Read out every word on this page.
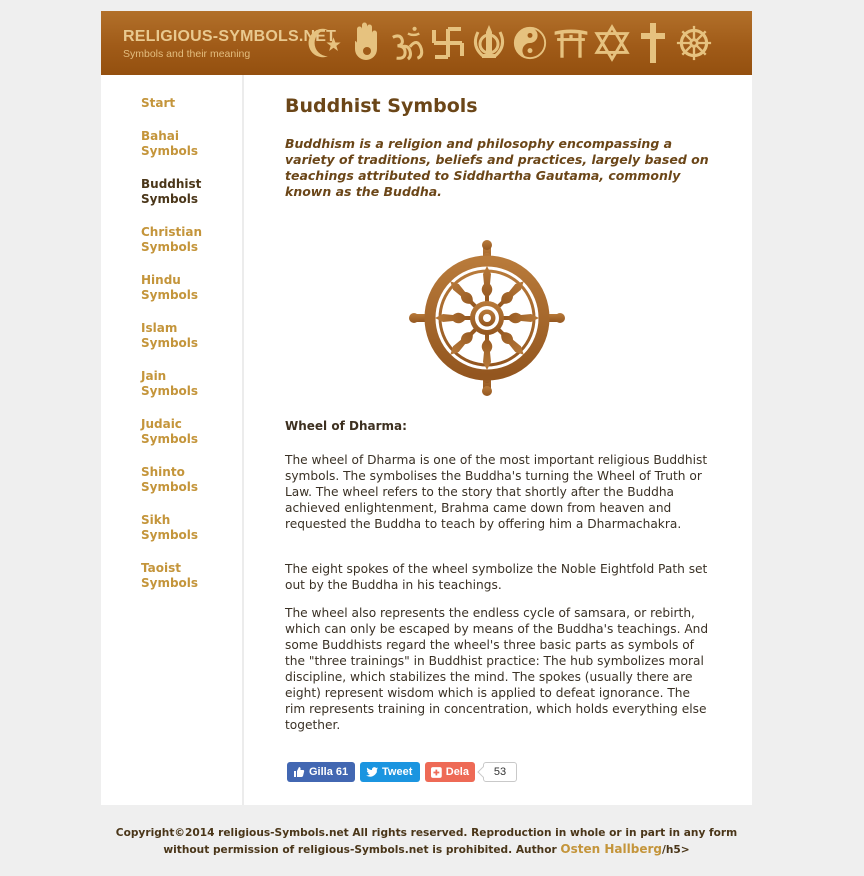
RELIGIOUS-SYMBOLS.NET
Symbols and their meaning
Start
Bahai Symbols
Buddhist Symbols
Christian Symbols
Hindu Symbols
Islam Symbols
Jain Symbols
Judaic Symbols
Shinto Symbols
Sikh Symbols
Taoist Symbols
Buddhist Symbols

Buddhism is a religion and philosophy encompassing a variety of traditions, beliefs and practices, largely based on teachings attributed to Siddhartha Gautama, commonly known as the Buddha.

Wheel of Dharma:

The wheel of Dharma is one of the most important religious Buddhist symbols. The symbolises the Buddha's turning the Wheel of Truth or Law. The wheel refers to the story that shortly after the Buddha achieved enlightenment, Brahma came down from heaven and requested the Buddha to teach by offering him a Dharmachakra.

The eight spokes of the wheel symbolize the Noble Eightfold Path set out by the Buddha in his teachings.

The wheel also represents the endless cycle of samsara, or rebirth, which can only be escaped by means of the Buddha's teachings. And some Buddhists regard the wheel's three basic parts as symbols of the "three trainings" in Buddhist practice: The hub symbolizes moral discipline, which stabilizes the mind. The spokes (usually there are eight) represent wisdom which is applied to defeat ignorance. The rim represents training in concentration, which holds everything else together.

Gilla 61	Tweet	Dela	53
Copyright©2014 religious-Symbols.net All rights reserved. Reproduction in whole or in part in any form without permission of religious-Symbols.net is prohibited. Author Osten Hallberg/h5>
